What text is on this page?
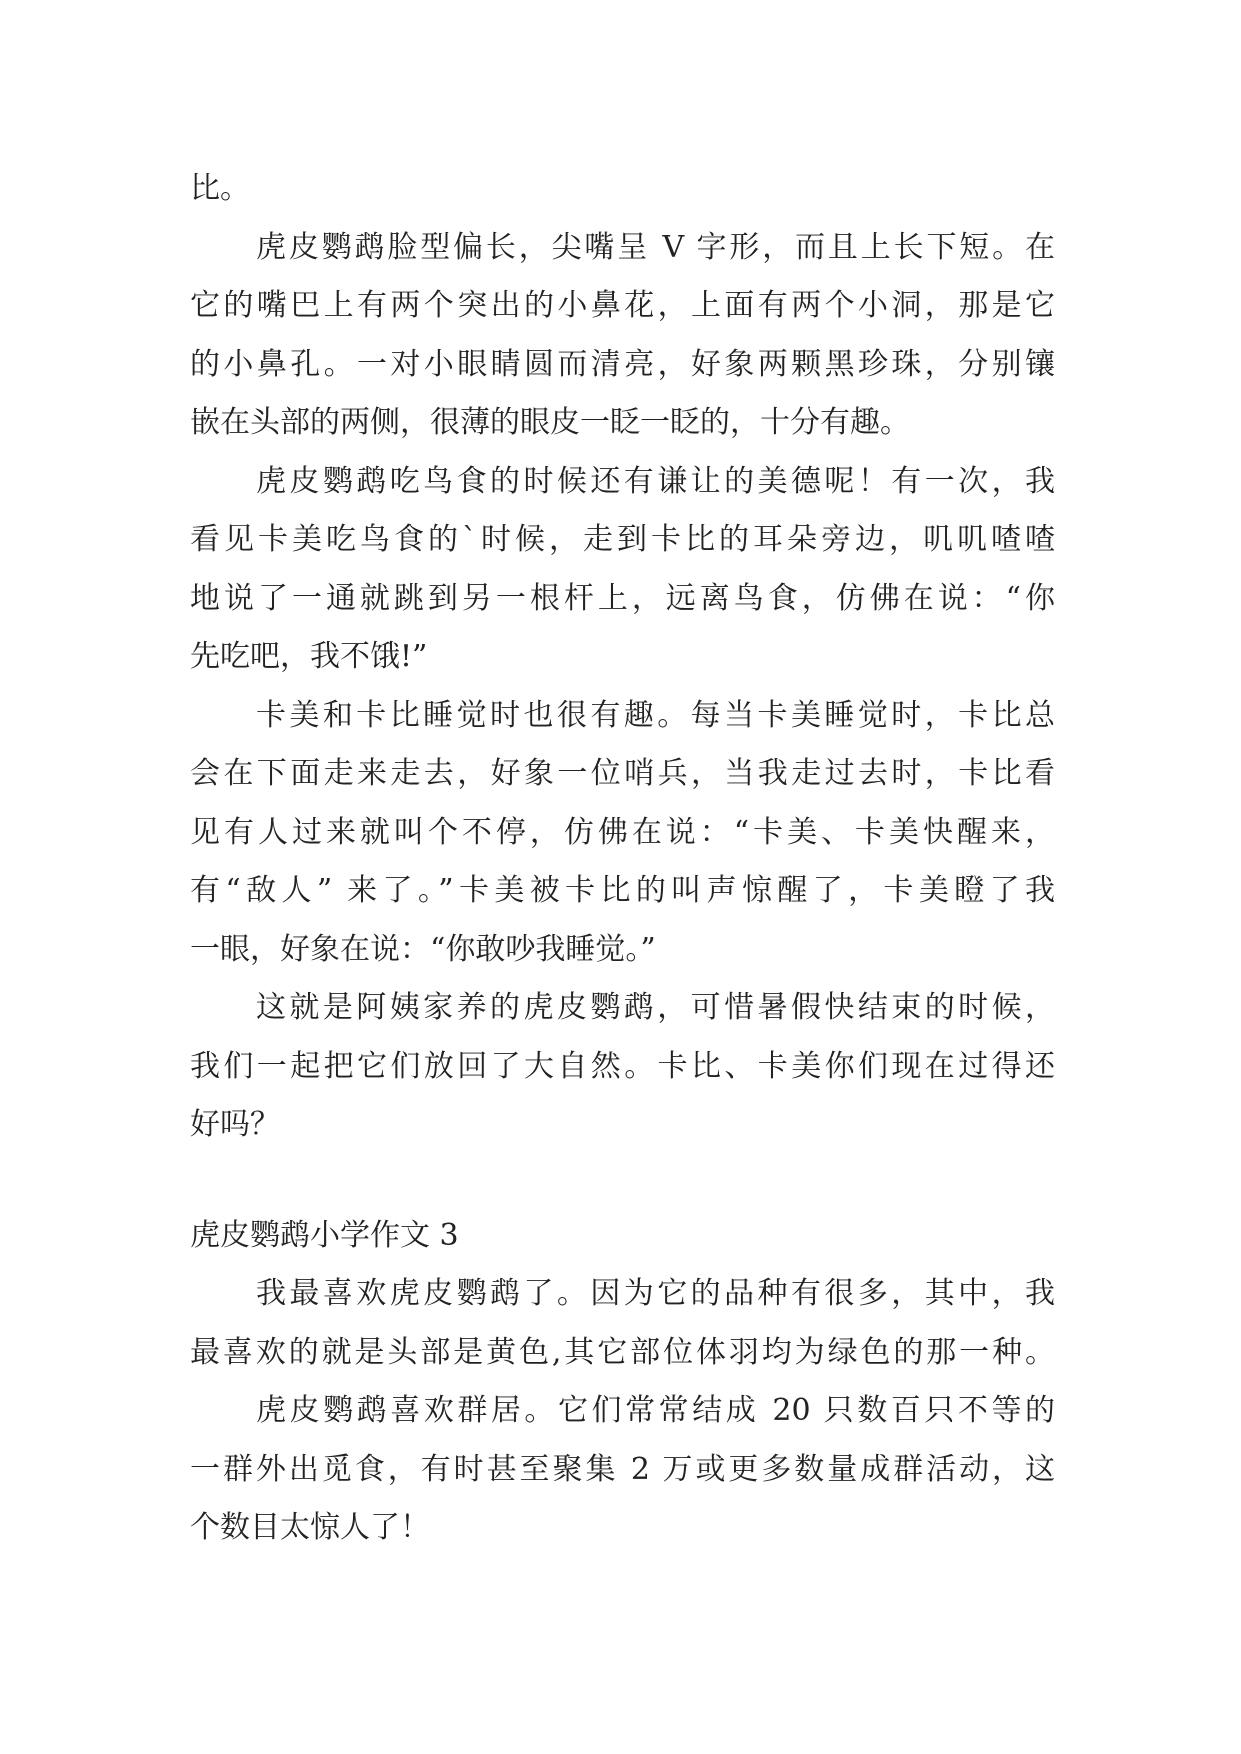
比。
虎皮鹦鹉脸型偏长，尖嘴呈 V 字形，而且上长下短。在
它的嘴巴上有两个突出的小鼻花，上面有两个小洞，那是它
的小鼻孔。一对小眼睛圆而清亮，好象两颗黑珍珠，分别镶
嵌在头部的两侧，很薄的眼皮一眨一眨的，十分有趣。
虎皮鹦鹉吃鸟食的时候还有谦让的美德呢！有一次，我
看见卡美吃鸟食的`时候，走到卡比的耳朵旁边，叽叽喳喳
地说了一通就跳到另一根杆上，远离鸟食，仿佛在说：“你
先吃吧，我不饿!”
卡美和卡比睡觉时也很有趣。每当卡美睡觉时，卡比总
会在下面走来走去，好象一位哨兵，当我走过去时，卡比看
见有人过来就叫个不停，仿佛在说：“卡美、卡美快醒来，
有“敌人” 来了。”卡美被卡比的叫声惊醒了，卡美瞪了我
一眼，好象在说：“你敢吵我睡觉。”
这就是阿姨家养的虎皮鹦鹉，可惜暑假快结束的时候，
我们一起把它们放回了大自然。卡比、卡美你们现在过得还
好吗？
虎皮鹦鹉小学作文 3
我最喜欢虎皮鹦鹉了。因为它的品种有很多，其中，我
最喜欢的就是头部是黄色,其它部位体羽均为绿色的那一种。
虎皮鹦鹉喜欢群居。它们常常结成 20 只数百只不等的
一群外出觅食，有时甚至聚集 2 万或更多数量成群活动，这
个数目太惊人了！
